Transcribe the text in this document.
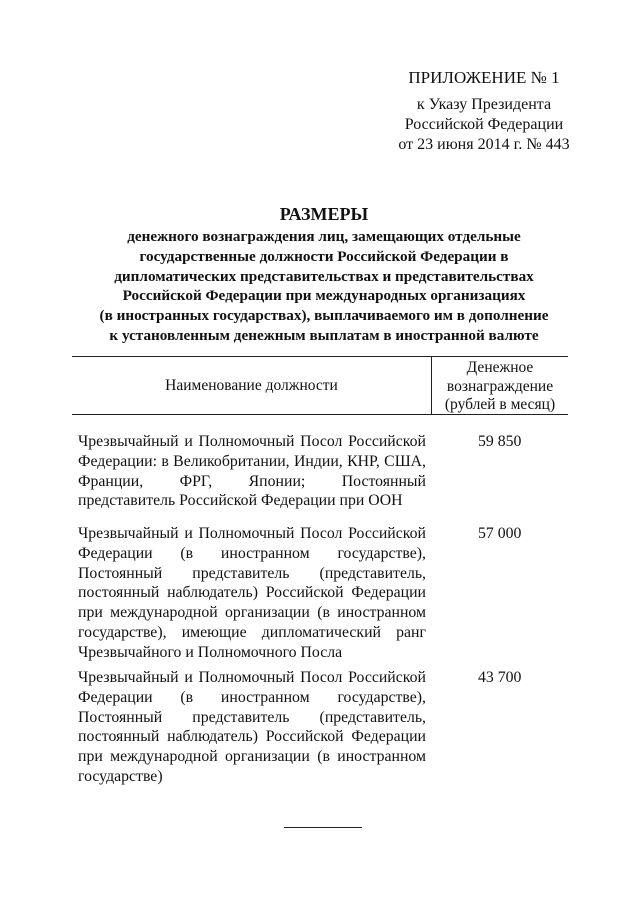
ПРИЛОЖЕНИЕ № 1
к Указу Президента
Российской Федерации
от 23 июня 2014 г. № 443
РАЗМЕРЫ
денежного вознаграждения лиц, замещающих отдельные
государственные должности Российской Федерации в
дипломатических представительствах и представительствах
Российской Федерации при международных организациях
(в иностранных государствах), выплачиваемого им в дополнение
к установленным денежным выплатам в иностранной валюте
Наименование должности
Денежное
вознаграждение
(рублей в месяц)
Чрезвычайный и Полномочный Посол Российской Федерации: в Великобритании, Индии, КНР, США, Франции, ФРГ, Японии; Постоянный представитель Российской Федерации при ООН
59 850
Чрезвычайный и Полномочный Посол Российской Федерации (в иностранном государстве), Постоянный представитель (представитель, постоянный наблюдатель) Российской Федерации при международной организации (в иностранном государстве), имеющие дипломатический ранг Чрезвычайного и Полномочного Посла
57 000
Чрезвычайный и Полномочный Посол Российской Федерации (в иностранном государстве), Постоянный представитель (представитель, постоянный наблюдатель) Российской Федерации при международной организации (в иностранном государстве)
43 700
